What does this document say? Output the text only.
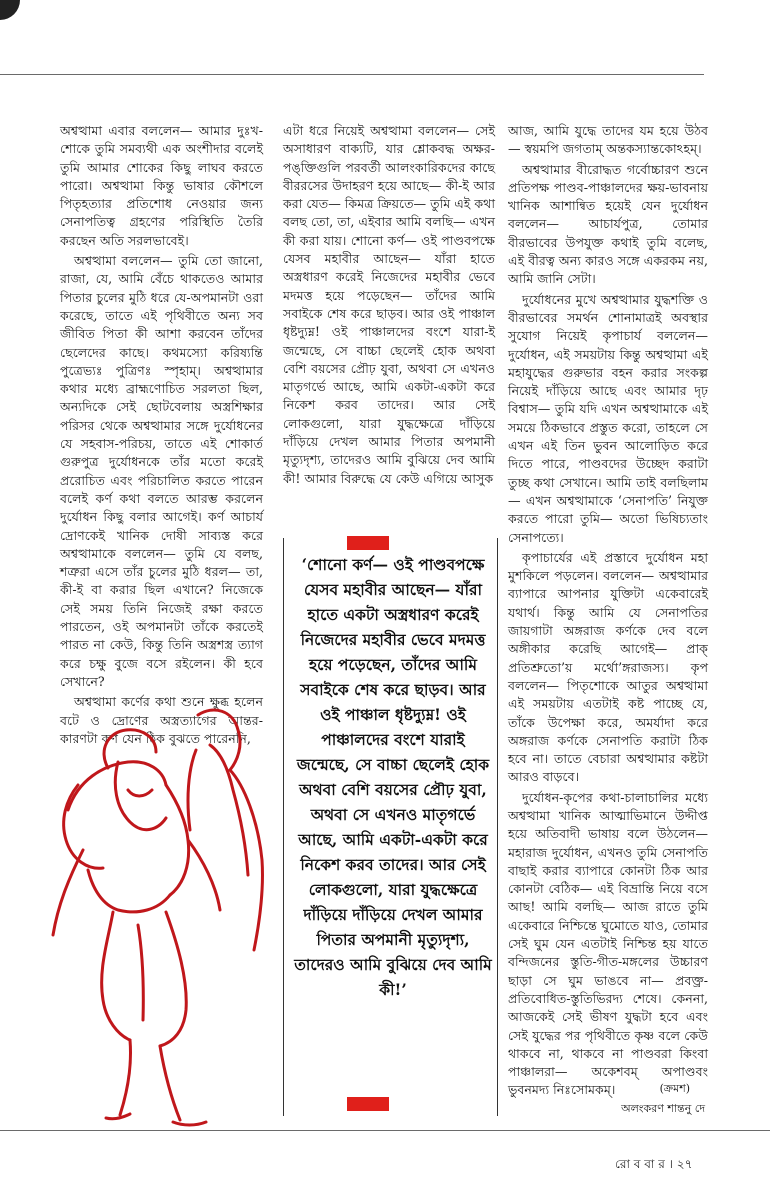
অশ্বত্থামা এবার বললেন— আমার দুঃখ-শোকে তুমি সমব্যথী এক অংশীদার বলেই তুমি আমার শোকের কিছু লাঘব করতে পারো। অশ্বত্থামা কিন্তু ভাষার কৌশলে পিতৃহত্যার প্রতিশোধ নেওয়ার জন্য সেনাপতিত্ব গ্রহণের পরিস্থিতি তৈরি করছেন অতি সরলভাবেই।

অশ্বত্থামা বললেন— তুমি তো জানো, রাজা, যে, আমি বেঁচে থাকতেও আমার পিতার চুলের মুঠি ধরে যে-অপমানটা ওরা করেছে, তাতে এই পৃথিবীতে অন্য সব জীবিত পিতা কী আশা করবেন তাঁদের ছেলেদের কাছে। কথমস্যো করিষ্যন্তি পুত্রেভ্যঃ পুত্রিণঃ স্পৃহাম্‌। অশ্বত্থামার কথার মধ্যে ব্রাহ্মণোচিত সরলতা ছিল, অন্যদিকে সেই ছোটবেলায় অস্ত্রশিক্ষার পরিসর থেকে অশ্বত্থামার সঙ্গে দুর্যোধনের যে সহবাস-পরিচয়, তাতে এই শোকার্ত গুরুপুত্র দুর্যোধনকে তাঁর মতো করেই প্ররোচিত এবং পরিচালিত করতে পারেন বলেই কর্ণ কথা বলতে আরম্ভ করলেন দুর্যোধন কিছু বলার আগেই। কর্ণ আচার্য দ্রোণকেই খানিক দোষী সাব্যস্ত করে অশ্বত্থামাকে বললেন— তুমি যে বলছ, শত্রুরা এসে তাঁর চুলের মুঠি ধরল— তা, কী-ই বা করার ছিল এখানে? নিজেকে সেই সময় তিনি নিজেই রক্ষা করতে পারতেন, ওই অপমানটা তাঁকে করতেই পারত না কেউ, কিন্তু তিনি অস্ত্রশস্ত্র ত্যাগ করে চক্ষু বুজে বসে রইলেন। কী হবে সেখানে?

অশ্বত্থামা কর্ণের কথা শুনে ক্ষুব্ধ হলেন বটে ও দ্রোণের অস্ত্রত্যাগের আন্তর-কারণটা কর্ণ যেন ঠিক বুঝতে পারেননি,

এটা ধরে নিয়েই অশ্বত্থামা বললেন— সেই অসাধারণ বাক্যটি, যার শ্লোকবদ্ধ অক্ষর-পঙ্‌ক্তিগুলি পরবর্তী আলংকারিকদের কাছে বীররসের উদাহরণ হয়ে আছে— কী-ই আর করা যেত— কিমত্র ক্রিয়তে— তুমি এই কথা বলছ তো, তা, এইবার আমি বলছি— এখন কী করা যায়। শোনো কর্ণ— ওই পাণ্ডবপক্ষে যেসব মহাবীর আছেন— যাঁরা হাতে অস্ত্রধারণ করেই নিজেদের মহাবীর ভেবে মদমত্ত হয়ে পড়েছেন— তাঁদের আমি সবাইকে শেষ করে ছাড়ব। আর ওই পাঞ্চাল ধৃষ্টদ্যুম্ন! ওই পাঞ্চালদের বংশে যারা-ই জন্মেছে, সে বাচ্চা ছেলেই হোক অথবা বেশি বয়সের প্রৌঢ় যুবা, অথবা সে এখনও মাতৃগর্ভে আছে, আমি একটা-একটা করে নিকেশ করব তাদের। আর সেই লোকগুলো, যারা যুদ্ধক্ষেত্রে দাঁড়িয়ে দাঁড়িয়ে দেখল আমার পিতার অপমানী মৃত্যুদৃশ্য, তাদেরও আমি বুঝিয়ে দেব আমি কী! আমার বিরুদ্ধে যে কেউ এগিয়ে আসুক

আজ, আমি যুদ্ধে তাদের যম হয়ে উঠব— স্বয়মপি জগতাম্‌ অন্তকস্যান্তকোঽহম্‌।

অশ্বত্থামার বীরোদ্ধত গর্বোচ্চারণ শুনে প্রতিপক্ষ পাণ্ডব-পাঞ্চালদের ক্ষয়-ভাবনায় খানিক আশান্বিত হয়েই যেন দুর্যোধন বললেন— আচার্যপুত্র, তোমার বীরভাবের উপযুক্ত কথাই তুমি বলেছ, এই বীরত্ব অন্য কারও সঙ্গে একরকম নয়, আমি জানি সেটা।

দুর্যোধনের মুখে অশ্বত্থামার যুদ্ধশক্তি ও বীরভাবের সমর্থন শোনামাত্রই অবস্থার সুযোগ নিয়েই কৃপাচার্য বললেন— দুর্যোধন, এই সময়টায় কিন্তু অশ্বত্থামা এই মহাযুদ্ধের গুরুভার বহন করার সংকল্প নিয়েই দাঁড়িয়ে আছে এবং আমার দৃঢ় বিশ্বাস— তুমি যদি এখন অশ্বত্থামাকে এই সময়ে ঠিকভাবে প্রস্তুত করো, তাহলে সে এখন এই তিন ভুবন আলোড়িত করে দিতে পারে, পাণ্ডবদের উচ্ছেদ করাটা তুচ্ছ কথা সেখানে। আমি তাই বলছিলাম— এখন অশ্বত্থামাকে ‘সেনাপতি’ নিযুক্ত করতে পারো তুমি— অতো ভিষিচ্যতাং সেনাপত্যে।

কৃপাচার্যের এই প্রস্তাবে দুর্যোধন মহা মুশকিলে পড়লেন। বললেন— অশ্বত্থামার ব্যাপারে আপনার যুক্তিটা একেবারেই যথার্থ। কিন্তু আমি যে সেনাপতির জায়গাটা অঙ্গরাজ কর্ণকে দেব বলে অঙ্গীকার করেছি আগেই— প্রাক্‌ প্রতিশ্রুতো’য় মর্থো’ঙ্গরাজস্য। কৃপ বললেন— পিতৃশোকে আতুর অশ্বত্থামা এই সময়টায় এতটাই কষ্ট পাচ্ছে যে, তাঁকে উপেক্ষা করে, অমর্যাদা করে অঙ্গরাজ কর্ণকে সেনাপতি করাটা ঠিক হবে না। তাতে বেচারা অশ্বত্থামার কষ্টটা আরও বাড়বে।

দুর্যোধন-কৃপের কথা-চালাচালির মধ্যে অশ্বত্থামা খানিক আত্মাভিমানে উদ্দীপ্ত হয়ে অতিবাদী ভাষায় বলে উঠলেন— মহারাজ দুর্যোধন, এখনও তুমি সেনাপতি বাছাই করার ব্যাপারে কোনটা ঠিক আর কোনটা বেঠিক— এই বিভ্রান্তি নিয়ে বসে আছ! আমি বলছি— আজ রাতে তুমি একেবারে নিশ্চিন্তে ঘুমোতে যাও, তোমার সেই ঘুম যেন এতটাই নিশ্চিন্ত হয় যাতে বন্দিজনের স্তুতি-গীত-মঙ্গলের উচ্চারণ ছাড়া সে ঘুম ভাঙবে না— প্রবক্ত্র-প্রতিবোধিত-স্তুতিভিরদ্য শেষে। কেননা, আজকেই সেই ভীষণ যুদ্ধটা হবে এবং সেই যুদ্ধের পর পৃথিবীতে কৃষ্ণ বলে কেউ থাকবে না, থাকবে না পাণ্ডবরা কিংবা পাঞ্চালরা— অকেশবম্‌ অপাণ্ডবং ভুবনমদ্য নিঃসোমকম্‌।

‘শোনো কর্ণ— ওই পাণ্ডবপক্ষে যেসব মহাবীর আছেন— যাঁরা হাতে একটা অস্ত্রধারণ করেই নিজেদের মহাবীর ভেবে মদমত্ত হয়ে পড়েছেন, তাঁদের আমি সবাইকে শেষ করে ছাড়ব। আর ওই পাঞ্চাল ধৃষ্টদ্যুম্ন! ওই পাঞ্চালদের বংশে যারাই জন্মেছে, সে বাচ্চা ছেলেই হোক অথবা বেশি বয়সের প্রৌঢ় যুবা, অথবা সে এখনও মাতৃগর্ভে আছে, আমি একটা-একটা করে নিকেশ করব তাদের। আর সেই লোকগুলো, যারা যুদ্ধক্ষেত্রে দাঁড়িয়ে দাঁড়িয়ে দেখল আমার পিতার অপমানী মৃত্যুদৃশ্য, তাদেরও আমি বুঝিয়ে দেব আমি কী!’
(ক্রমশ)
অলংকরণ শান্তনু দে
রো ব বা র । ২৭
